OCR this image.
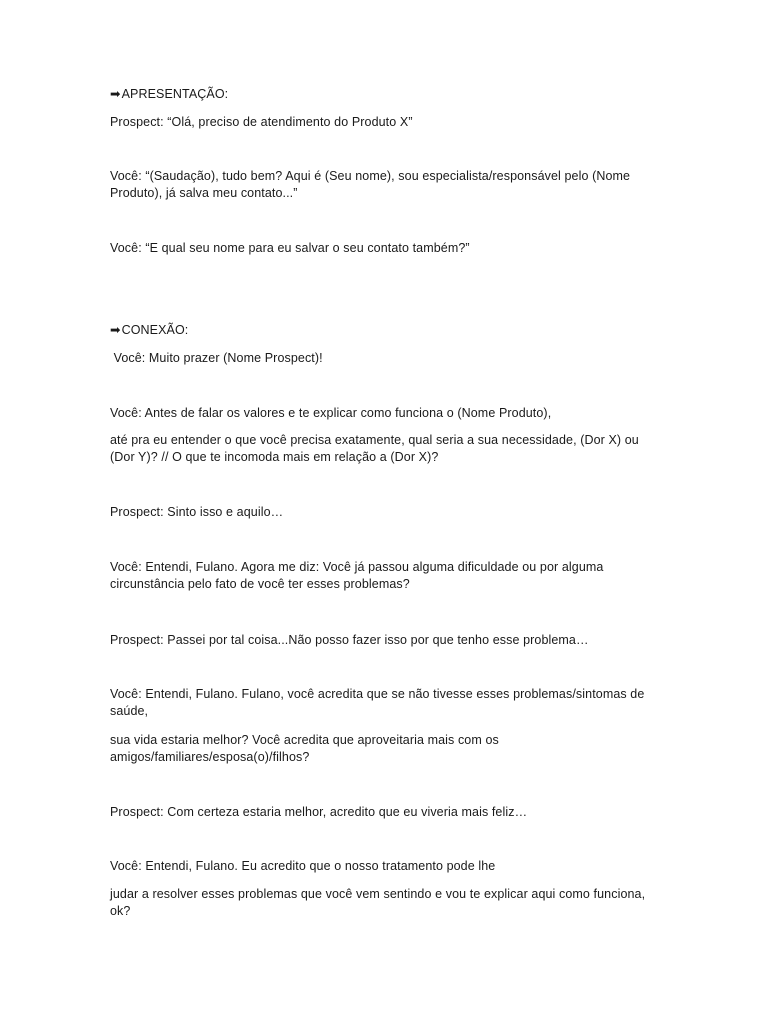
➡APRESENTAÇÃO:

Prospect: “Olá, preciso de atendimento do Produto X”

Você: “(Saudação), tudo bem? Aqui é (Seu nome), sou especialista/responsável pelo (Nome Produto), já salva meu contato...”

Você: “E qual seu nome para eu salvar o seu contato também?”

➡CONEXÃO:

Você: Muito prazer (Nome Prospect)!

Você: Antes de falar os valores e te explicar como funciona o (Nome Produto),

até pra eu entender o que você precisa exatamente, qual seria a sua necessidade, (Dor X) ou (Dor Y)? // O que te incomoda mais em relação a (Dor X)?

Prospect: Sinto isso e aquilo…

Você: Entendi, Fulano. Agora me diz: Você já passou alguma dificuldade ou por alguma circunstância pelo fato de você ter esses problemas?

Prospect: Passei por tal coisa...Não posso fazer isso por que tenho esse problema…

Você: Entendi, Fulano. Fulano, você acredita que se não tivesse esses problemas/sintomas de saúde,

sua vida estaria melhor? Você acredita que aproveitaria mais com os amigos/familiares/esposa(o)/filhos?

Prospect: Com certeza estaria melhor, acredito que eu viveria mais feliz…

Você: Entendi, Fulano. Eu acredito que o nosso tratamento pode lhe

judar a resolver esses problemas que você vem sentindo e vou te explicar aqui como funciona, ok?
